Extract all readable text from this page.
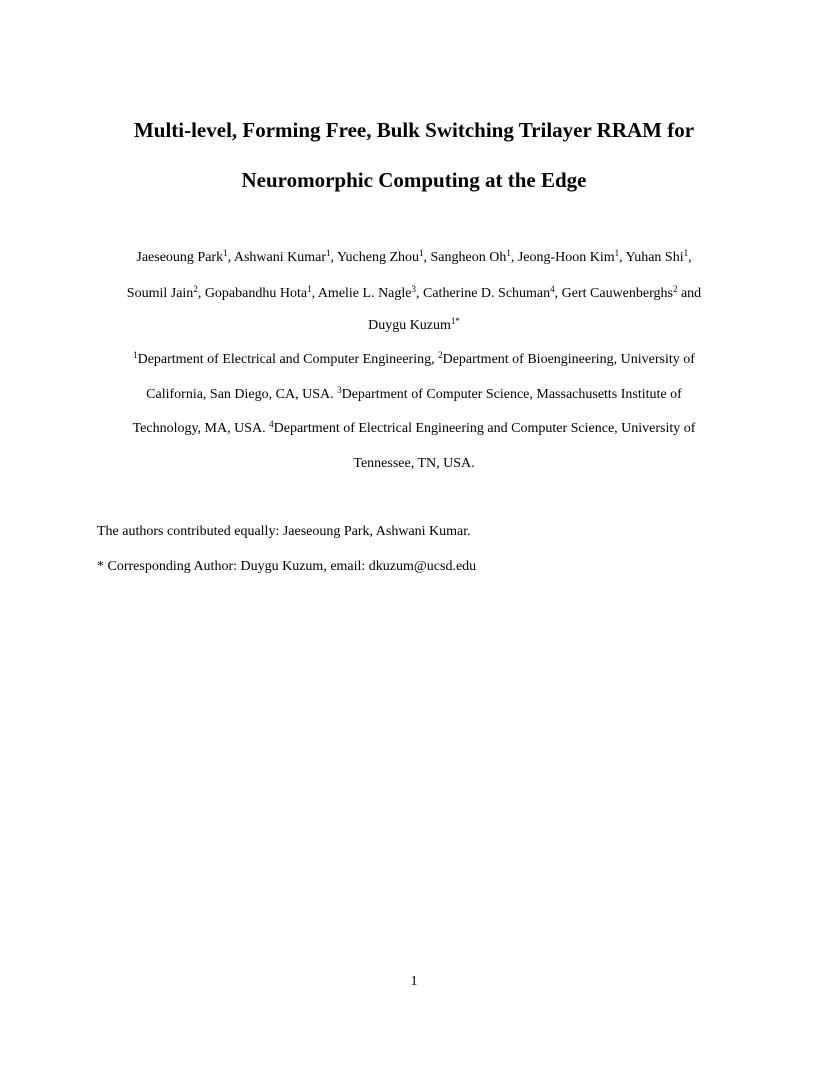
Multi-level, Forming Free, Bulk Switching Trilayer RRAM for
Neuromorphic Computing at the Edge
Jaeseoung Park$^1$, Ashwani Kumar$^1$, Yucheng Zhou$^1$, Sangheon Oh$^1$, Jeong-Hoon Kim$^1$, Yuhan Shi$^1$,
Soumil Jain$^2$, Gopabandhu Hota$^1$, Amelie L. Nagle$^3$, Catherine D. Schuman$^4$, Gert Cauwenberghs$^2$ and
Duygu Kuzum$^{1*}$
$^1$Department of Electrical and Computer Engineering, $^2$Department of Bioengineering, University of
California, San Diego, CA, USA. $^3$Department of Computer Science, Massachusetts Institute of
Technology, MA, USA. $^4$Department of Electrical Engineering and Computer Science, University of
Tennessee, TN, USA.
The authors contributed equally: Jaeseoung Park, Ashwani Kumar.
* Corresponding Author: Duygu Kuzum, email: dkuzum@ucsd.edu
1
